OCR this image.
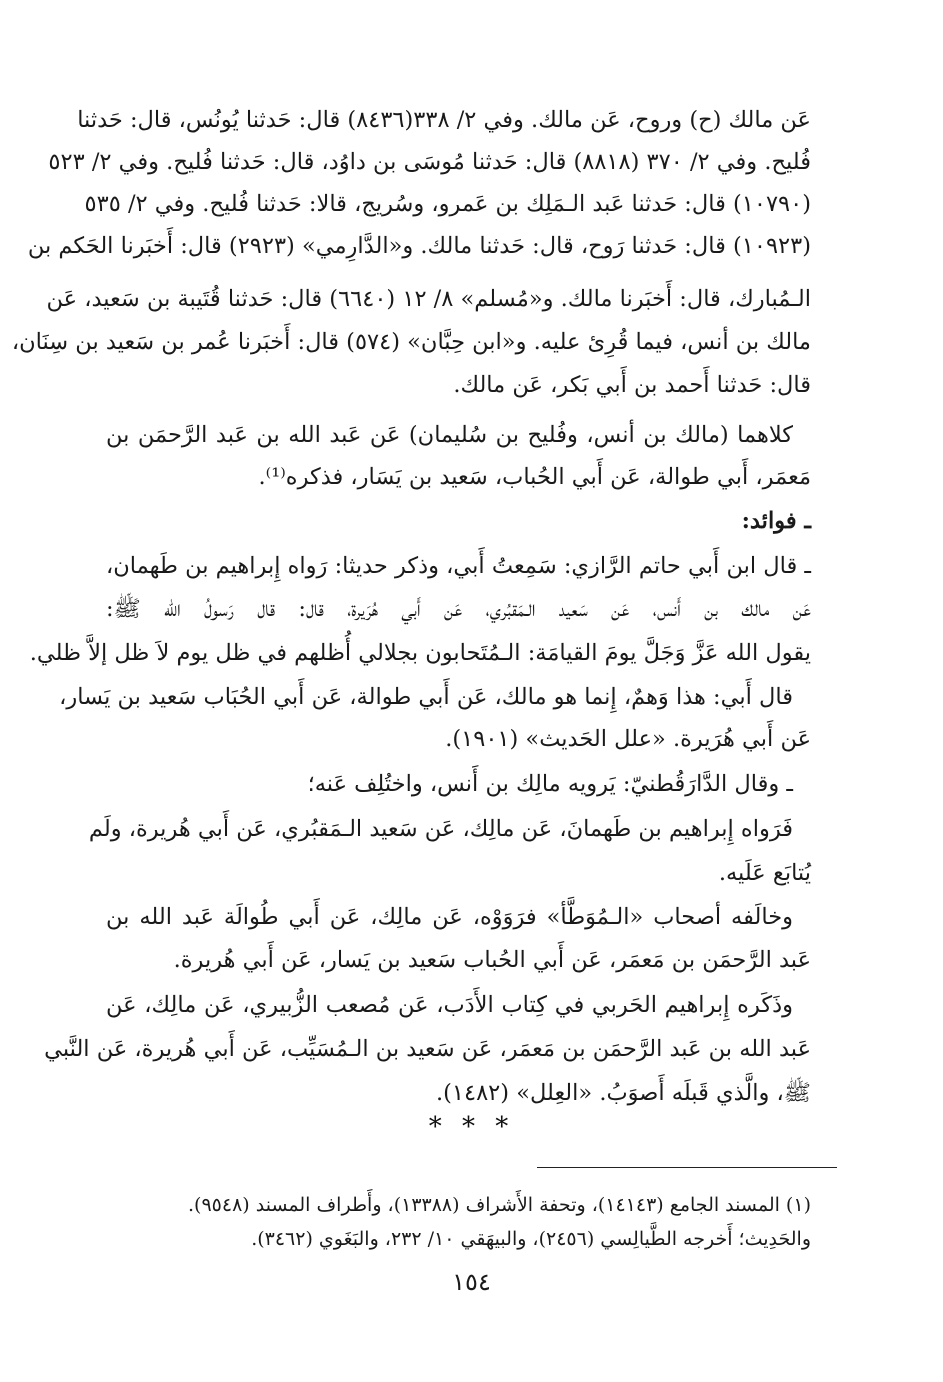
عَن مالك (ح) وروح، عَن مالك. وفي ٢/ ٣٣٨(٨٤٣٦) قال: حَدثنا يُونُس، قال: حَدثنا
فُليح. وفي ٢/ ٣٧٠ (٨٨١٨) قال: حَدثنا مُوسَى بن داوُد، قال: حَدثنا فُليح. وفي ٢/ ٥٢٣
(١٠٧٩٠) قال: حَدثنا عَبد الـمَلِك بن عَمرو، وسُريج، قالا: حَدثنا فُليح. وفي ٢/ ٥٣٥
(١٠٩٢٣) قال: حَدثنا رَوح، قال: حَدثنا مالك. و«الدَّارِمي» (٢٩٢٣) قال: أَخبَرنا الحَكم بن
الـمُبارك، قال: أَخبَرنا مالك. و«مُسلم» ٨/ ١٢ (٦٦٤٠) قال: حَدثنا قُتَيبة بن سَعيد، عَن
مالك بن أنس، فيما قُرِئ عليه. و«ابن حِبَّان» (٥٧٤) قال: أَخبَرنا عُمر بن سَعيد بن سِنَان،
قال: حَدثنا أَحمد بن أَبي بَكر، عَن مالك.
كلاهما (مالك بن أنس، وفُليح بن سُليمان) عَن عَبد الله بن عَبد الرَّحمَن بن
مَعمَر، أَبي طوالة، عَن أَبي الحُباب، سَعيد بن يَسَار، فذكره⁽¹⁾.
ـ فوائد:
ـ قال ابن أَبي حاتم الرَّازي: سَمِعتُ أَبي، وذكر حديثا: رَواه إِبراهيم بن طَهمان،
عَن مالك بن أَنس، عَن سَعيد الـمَقبُري، عَن أَبي هُرَيرة، قال: قال رَسولُ الله ﷺ:
يقول الله عَزَّ وَجَلَّ يومَ القيامَة: الـمُتَحابون بجلالي أُظلهم في ظل يوم لاَ ظل إلاَّ ظلي.
قال أَبي: هذا وَهمٌ، إِنما هو مالك، عَن أَبي طوالة، عَن أَبي الحُبَاب سَعيد بن يَسار،
عَن أَبي هُرَيرة. «علل الحَديث» (١٩٠١).
ـ وقال الدَّارَقُطنيّ: يَرويه مالِك بن أَنس، واختُلِف عَنه؛
فَرَواه إِبراهيم بن طَهمانَ، عَن مالِك، عَن سَعيد الـمَقبُري، عَن أَبي هُريرة، ولَم
يُتابَع عَلَيه.
وخالَفه أصحاب «الـمُوَطَّأ» فرَوَوْه، عَن مالِك، عَن أَبي طُوالَة عَبد الله بن
عَبد الرَّحمَن بن مَعمَر، عَن أَبي الحُباب سَعيد بن يَسار، عَن أَبي هُريرة.
وذَكَره إِبراهيم الحَربي في كِتاب الأَدَب، عَن مُصعب الزُّبيري، عَن مالِك، عَن
عَبد الله بن عَبد الرَّحمَن بن مَعمَر، عَن سَعيد بن الـمُسَيِّب، عَن أَبي هُريرة، عَن النَّبي
ﷺ، والَّذي قَبلَه أَصوَبُ. «العِلل» (١٤٨٢).
* * *
(١) المسند الجامع (١٤١٤٣)، وتحفة الأَشراف (١٣٣٨٨)، وأَطراف المسند (٩٥٤٨).
والحَدِيث؛ أَخرجه الطَّيالِسي (٢٤٥٦)، والبيهَقي ١٠/ ٢٣٢، والبَغَوي (٣٤٦٢).
١٥٤
